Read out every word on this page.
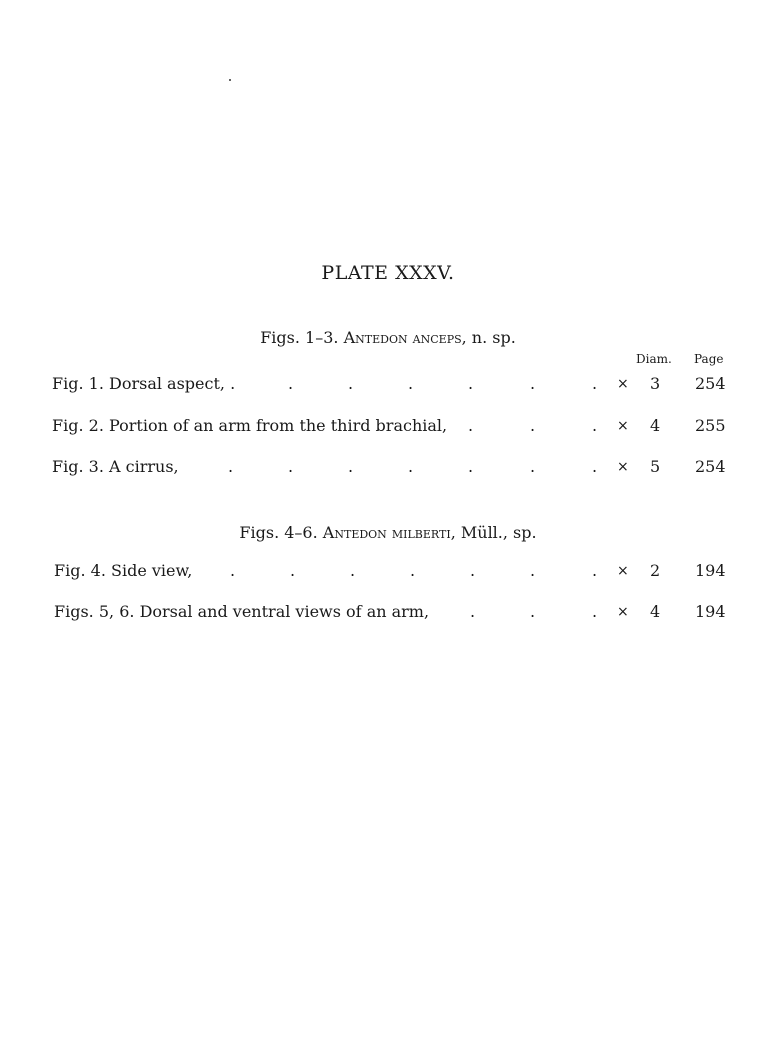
PLATE XXXV.
Figs. 1–3. Antedon anceps, n. sp.
Diam. Page
Fig. 1. Dorsal aspect, .	.	.	.	.	.	. × 3 254
Fig. 2. Portion of an arm from the third brachial, .	.	. × 4 255
Fig. 3. A cirrus,	.	.	.	.	.	.	. × 5 254
Figs. 4–6. Antedon milberti, Müll., sp.
Fig. 4. Side view, .	.	.	.	.	.	. × 2 194
Figs. 5, 6. Dorsal and ventral views of an arm,	.	.	. × 4 194
